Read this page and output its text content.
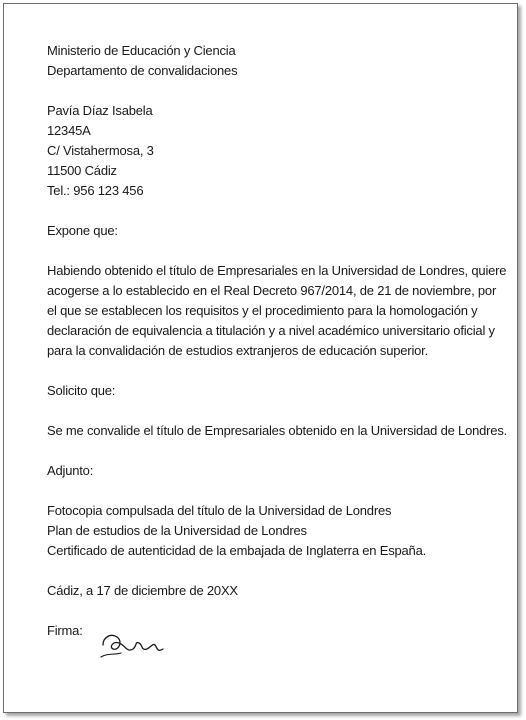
Ministerio de Educación y Ciencia
Departamento de convalidaciones
Pavía Díaz Isabela
12345A
C/ Vistahermosa, 3
11500 Cádiz
Tel.: 956 123 456
Expone que:
Habiendo obtenido el título de Empresariales en la Universidad de Londres, quiere
acogerse a lo establecido en el Real Decreto 967/2014, de 21 de noviembre, por
el que se establecen los requisitos y el procedimiento para la homologación y
declaración de equivalencia a titulación y a nivel académico universitario oficial y
para la convalidación de estudios extranjeros de educación superior.
Solicito que:
Se me convalide el título de Empresariales obtenido en la Universidad de Londres.
Adjunto:
Fotocopia compulsada del título de la Universidad de Londres
Plan de estudios de la Universidad de Londres
Certificado de autenticidad de la embajada de Inglaterra en España.
Cádiz, a 17 de diciembre de 20XX
Firma:
